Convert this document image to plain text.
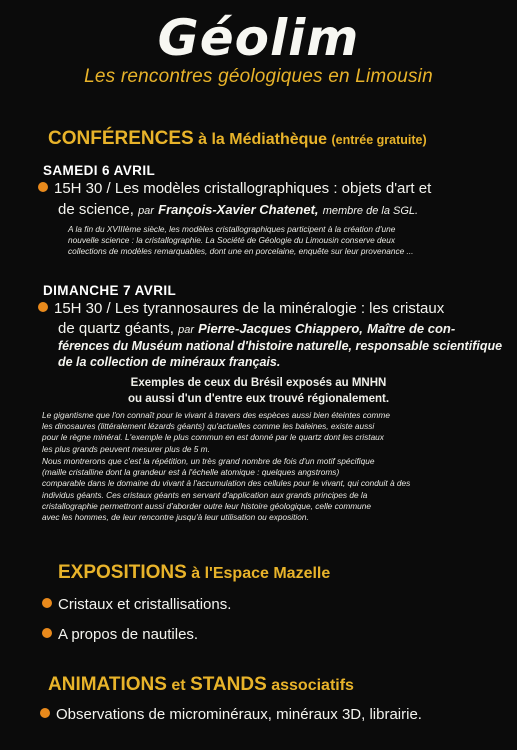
Géolim
Les rencontres géologiques en Limousin
CONFÉRENCES à la Médiathèque (entrée gratuite)
SAMEDI 6 AVRIL
15H 30 / Les modèles cristallographiques : objets d'art et
de science, par François-Xavier Chatenet, membre de la SGL.
A la fin du XVIIIème siècle, les modèles cristallographiques participent à la création d'une
nouvelle science : la cristallographie. La Société de Géologie du Limousin conserve deux
collections de modèles remarquables, dont une en porcelaine, enquête sur leur provenance ...
DIMANCHE 7 AVRIL
15H 30 / Les tyrannosaures de la minéralogie : les cristaux
de quartz géants, par Pierre-Jacques Chiappero, Maître de con-
férences du Muséum national d'histoire naturelle, responsable scientifique
de la collection de minéraux français.
Exemples de ceux du Brésil exposés au MNHN
ou aussi d'un d'entre eux trouvé régionalement.
Le gigantisme que l'on connaît pour le vivant à travers des espèces aussi bien éteintes comme
les dinosaures (littéralement lézards géants) qu'actuelles comme les baleines, existe aussi
pour le règne minéral. L'exemple le plus commun en est donné par le quartz dont les cristaux
les plus grands peuvent mesurer plus de 5 m.
Nous montrerons que c'est la répétition, un très grand nombre de fois d'un motif spécifique
(maille cristalline dont la grandeur est à l'échelle atomique : quelques angstroms)
comparable dans le domaine du vivant à l'accumulation des cellules pour le vivant, qui conduit à des
individus géants. Ces cristaux géants en servant d'application aux grands principes de la
cristallographie permettront aussi d'aborder outre leur histoire géologique, celle commune
avec les hommes, de leur rencontre jusqu'à leur utilisation ou exposition.
EXPOSITIONS à l'Espace Mazelle
Cristaux et cristallisations.
A propos de nautiles.
ANIMATIONS et STANDS associatifs
Observations de microminéraux, minéraux 3D, librairie.
